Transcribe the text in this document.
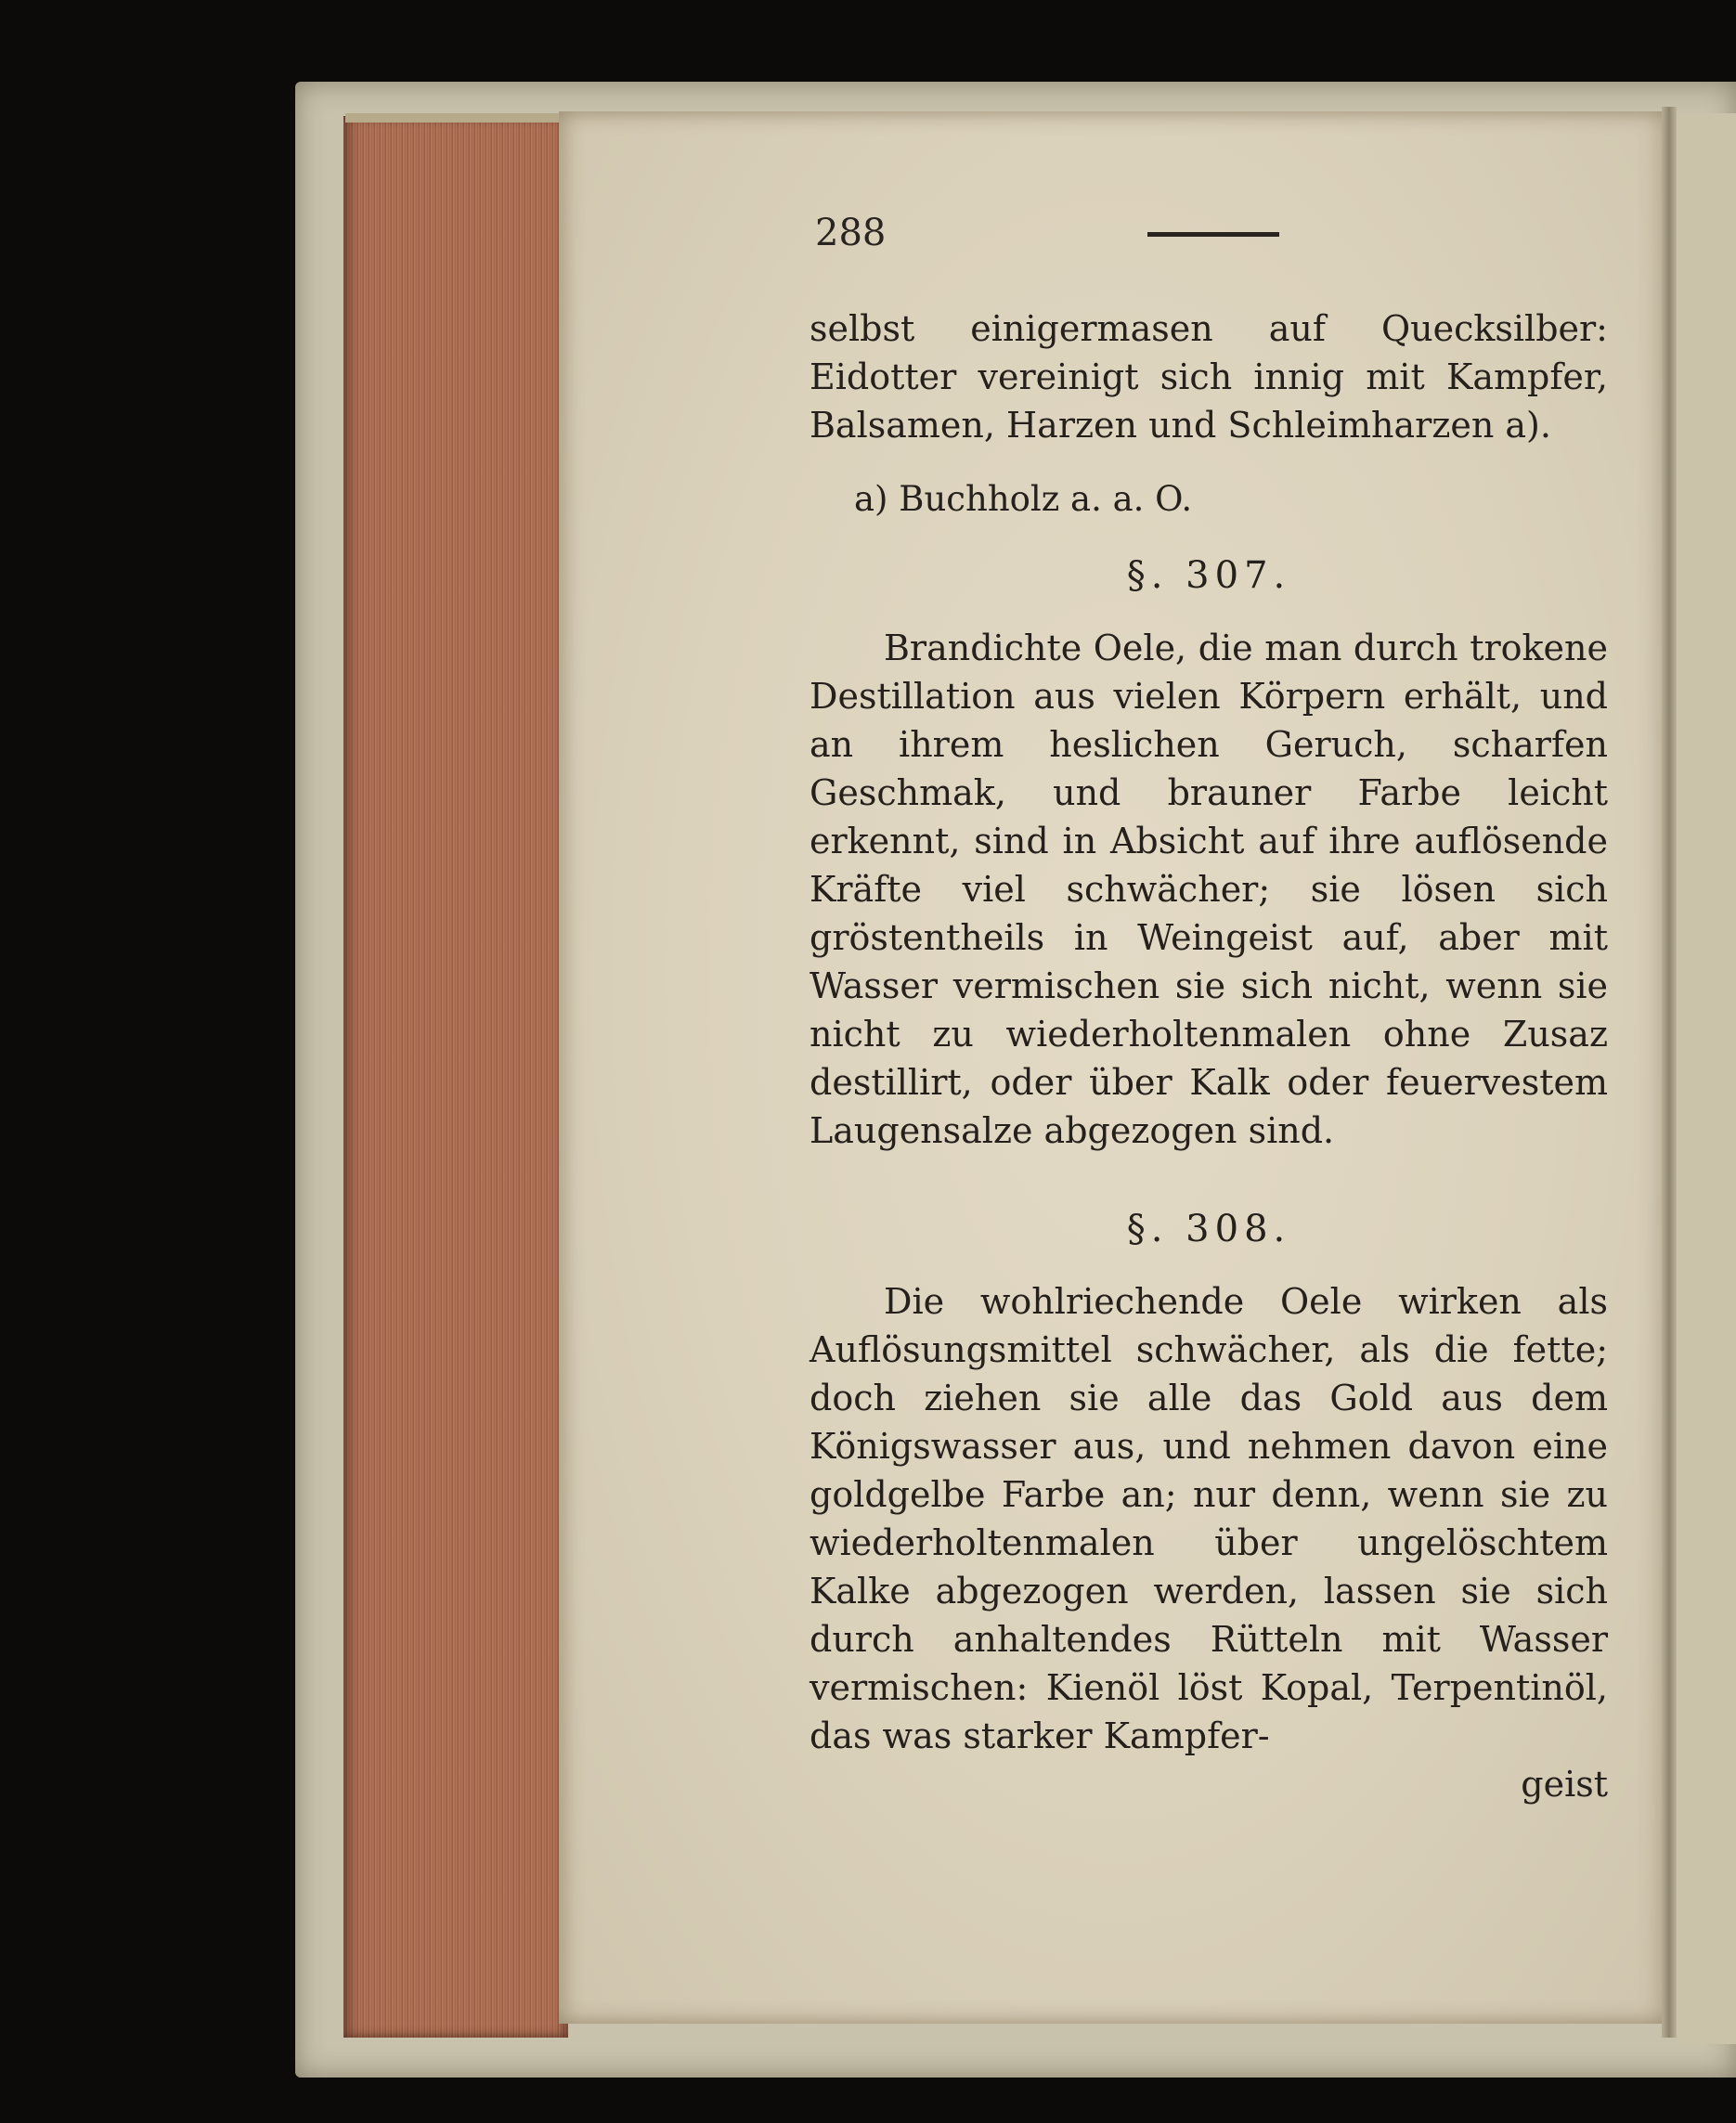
288

selbst einigermasen auf Quecksilber: Eidotter vereinigt sich innig mit Kampfer, Balsamen, Harzen und Schleimharzen a).

a) Buchholz a. a. O.
§. 307.

Brandichte Oele, die man durch trokene Destillation aus vielen Körpern erhält, und an ihrem heslichen Geruch, scharfen Geschmak, und brauner Farbe leicht erkennt, sind in Absicht auf ihre auflösende Kräfte viel schwächer; sie lösen sich gröstentheils in Weingeist auf, aber mit Wasser vermischen sie sich nicht, wenn sie nicht zu wiederholtenmalen ohne Zusaz destillirt, oder über Kalk oder feuervestem Laugensalze abgezogen sind.

§. 308.

Die wohlriechende Oele wirken als Auflösungsmittel schwächer, als die fette; doch ziehen sie alle das Gold aus dem Königswasser aus, und nehmen davon eine goldgelbe Farbe an; nur denn, wenn sie zu wiederholtenmalen über ungelöschtem Kalke abgezogen werden, lassen sie sich durch anhaltendes Rütteln mit Wasser vermischen: Kienöl löst Kopal, Terpentinöl, das was starker Kampfer-

geist
